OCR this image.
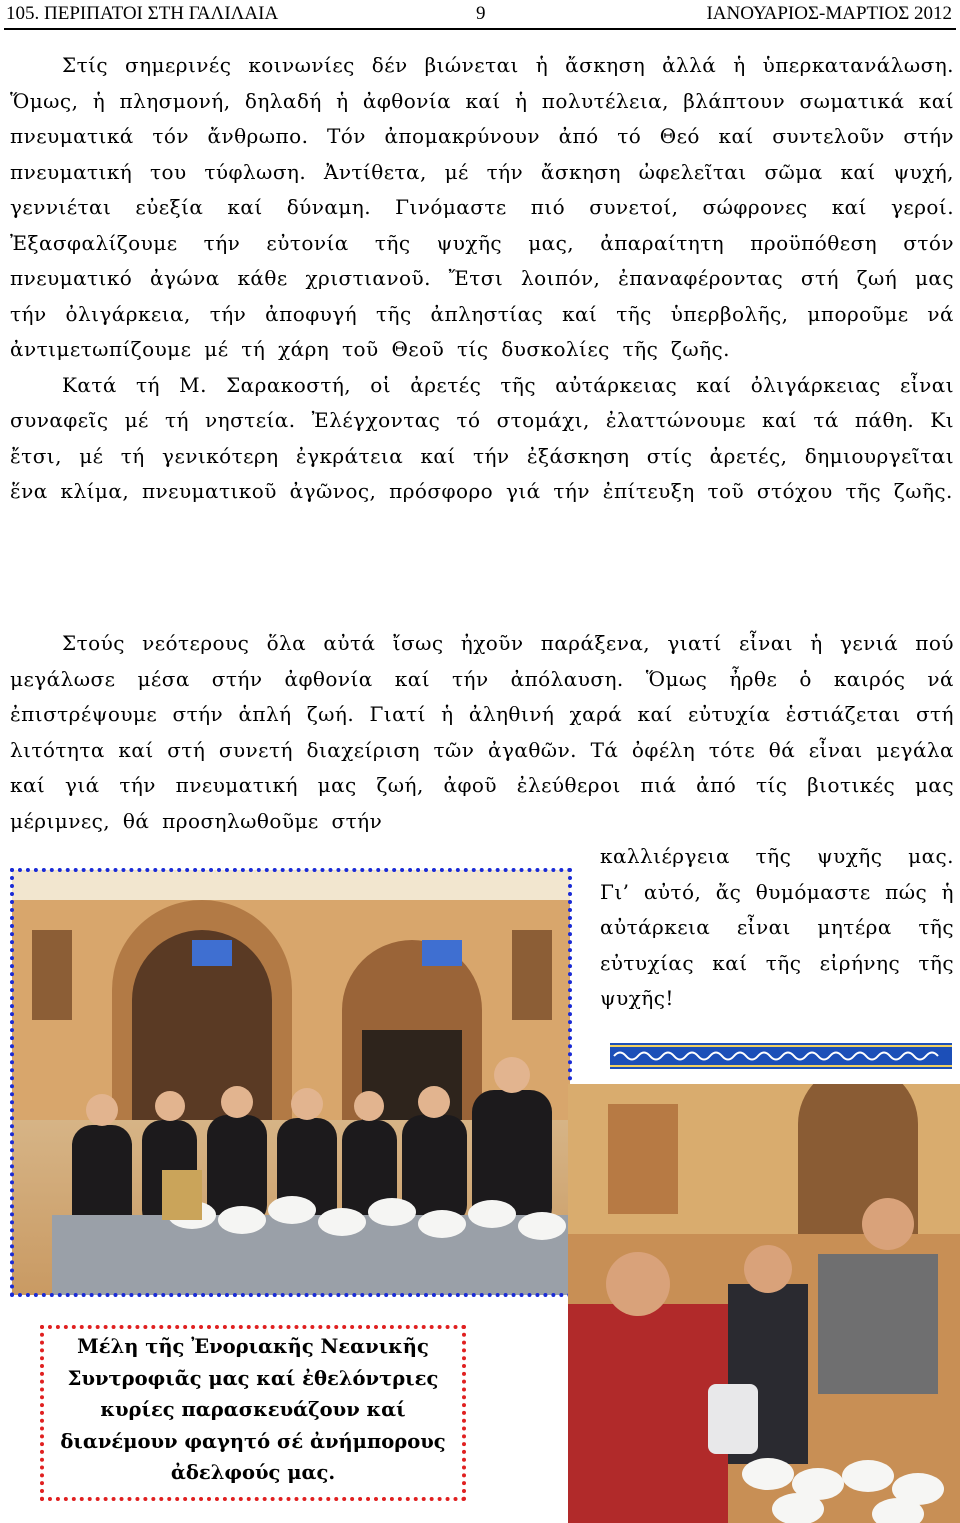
105. ΠΕΡΙΠΑΤΟΙ ΣΤΗ ΓΑΛΙΛΑΙΑ	9	ΙΑΝΟΥΑΡΙΟΣ-ΜΑΡΤΙΟΣ 2012

Στίς σημερινές κοινωνίες δέν βιώνεται ἡ ἄσκηση ἀλλά ἡ ὑπερκατανάλωση. Ὅμως, ἡ πλησμονή, δηλαδή ἡ ἀφθονία καί ἡ πολυτέλεια, βλάπτουν σωματικά καί πνευματικά τόν ἄνθρωπο. Τόν ἀπομακρύνουν ἀπό τό Θεό καί συντελοῦν στήν πνευματική του τύφλωση. Ἀντίθετα, μέ τήν ἄσκηση ὠφελεῖται σῶμα καί ψυχή, γεννιέται εὐεξία καί δύναμη. Γινόμαστε πιό συνετοί, σώφρονες καί γεροί. Ἐξασφαλίζουμε τήν εὐτονία τῆς ψυχῆς μας, ἀπαραίτητη προϋπόθεση στόν πνευματικό ἀγώνα κάθε χριστιανοῦ. Ἔτσι λοιπόν, ἐπαναφέροντας στή ζωή μας τήν ὀλιγάρκεια, τήν ἀποφυγή τῆς ἀπληστίας καί τῆς ὑπερβολῆς, μποροῦμε νά ἀντιμετωπίζουμε μέ τή χάρη τοῦ Θεοῦ τίς δυσκολίες τῆς ζωῆς.

Κατά τή Μ. Σαρακοστή, οἱ ἀρετές τῆς αὐτάρκειας καί ὀλιγάρκειας εἶναι συναφεῖς μέ τή νηστεία. Ἐλέγχοντας τό στομάχι, ἐλαττώνουμε καί τά πάθη. Κι ἔτσι, μέ τή γενικότερη ἐγκράτεια καί τήν ἐξάσκηση στίς ἀρετές, δημιουργεῖται ἕνα κλίμα, πνευματικοῦ ἀγῶνος, πρόσφορο γιά τήν ἐπίτευξη τοῦ στόχου τῆς ζωῆς.

Στούς νεότερους ὅλα αὐτά ἴσως ἠχοῦν παράξενα, γιατί εἶναι ἡ γενιά πού μεγάλωσε μέσα στήν ἀφθονία καί τήν ἀπόλαυση. Ὅμως ἦρθε ὁ καιρός νά ἐπιστρέψουμε στήν ἁπλή ζωή. Γιατί ἡ ἀληθινή χαρά καί εὐτυχία ἑστιάζεται στή λιτότητα καί στή συνετή διαχείριση τῶν ἀγαθῶν. Τά ὀφέλη τότε θά εἶναι μεγάλα καί γιά τήν πνευματική μας ζωή, ἀφοῦ ἐλεύθεροι πιά ἀπό τίς βιοτικές μας μέριμνες, θά προσηλωθοῦμε στήν

καλλιέργεια τῆς ψυχῆς μας. Γι’ αὐτό, ἄς θυμόμαστε πώς ἡ αὐτάρκεια εἶναι μητέρα τῆς εὐτυχίας καί τῆς εἰρήνης τῆς ψυχῆς!

Μέλη τῆς Ἐνοριακῆς Νεανικῆς Συντροφιᾶς μας καί ἐθελόντριες κυρίες παρασκευάζουν καί διανέμουν φαγητό σέ ἀνήμπορους ἀδελφούς μας.
